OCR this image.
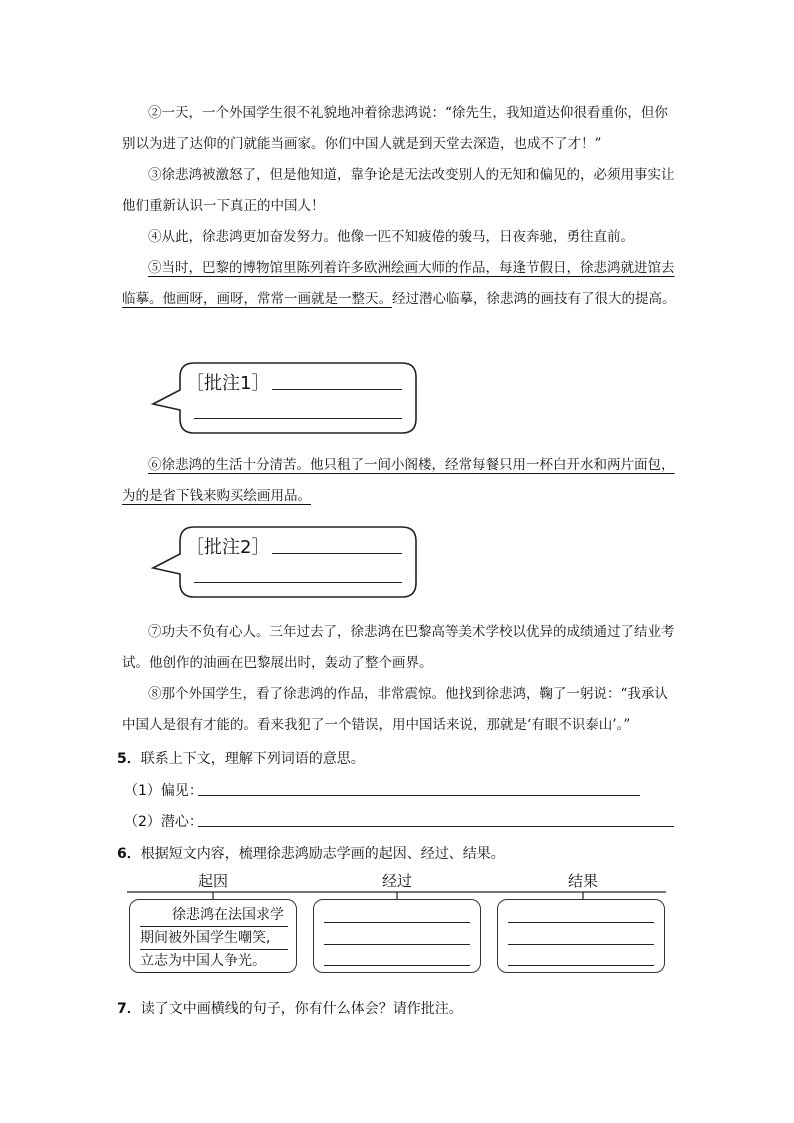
②一天，一个外国学生很不礼貌地冲着徐悲鸿说：“徐先生，我知道达仰很看重你，但你别以为进了达仰的门就能当画家。你们中国人就是到天堂去深造，也成不了才！”

③徐悲鸿被激怒了，但是他知道，靠争论是无法改变别人的无知和偏见的，必须用事实让他们重新认识一下真正的中国人！

④从此，徐悲鸿更加奋发努力。他像一匹不知疲倦的骏马，日夜奔驰，勇往直前。

⑤当时，巴黎的博物馆里陈列着许多欧洲绘画大师的作品，每逢节假日，徐悲鸿就进馆去临摹。他画呀，画呀，常常一画就是一整天。经过潜心临摹，徐悲鸿的画技有了很大的提高。

［批注1］

⑥徐悲鸿的生活十分清苦。他只租了一间小阁楼，经常每餐只用一杯白开水和两片面包，为的是省下钱来购买绘画用品。

［批注2］

⑦功夫不负有心人。三年过去了，徐悲鸿在巴黎高等美术学校以优异的成绩通过了结业考试。他创作的油画在巴黎展出时，轰动了整个画界。

⑧那个外国学生，看了徐悲鸿的作品，非常震惊。他找到徐悲鸿，鞠了一躬说：“我承认中国人是很有才能的。看来我犯了一个错误，用中国话来说，那就是‘有眼不识泰山’。”

5．联系上下文，理解下列词语的意思。
（1）偏见：
（2）潜心：
6．根据短文内容，梳理徐悲鸿励志学画的起因、经过、结果。
起因	经过	结果
徐悲鸿在法国求学
期间被外国学生嘲笑,
立志为中国人争光。
7．读了文中画横线的句子，你有什么体会？请作批注。
